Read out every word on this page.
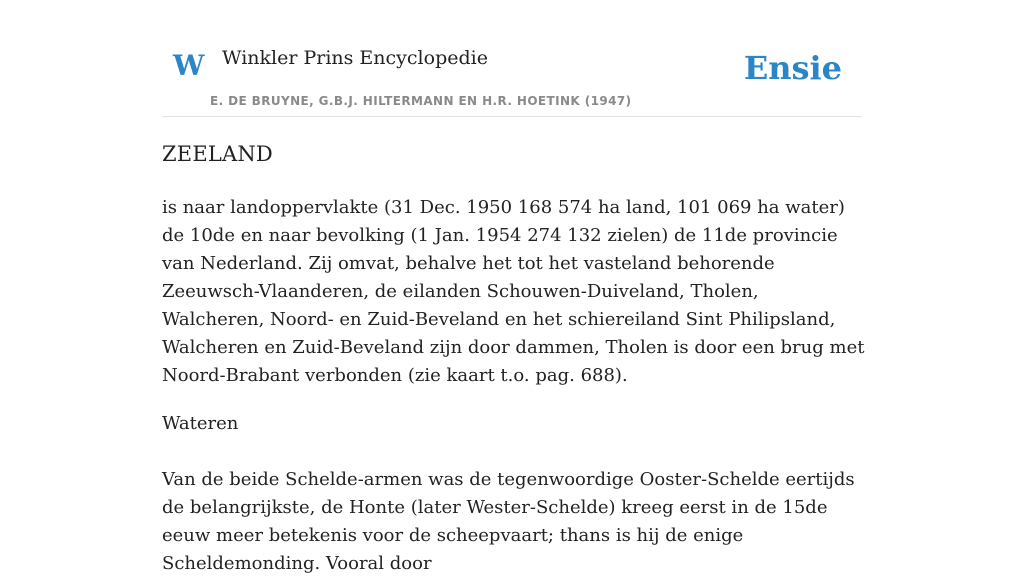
W Winkler Prins Encyclopedie
E. DE BRUYNE, G.B.J. HILTERMANN EN H.R. HOETINK (1947)
Ensie
ZEELAND

is naar landoppervlakte (31 Dec. 1950 168 574 ha land, 101 069 ha water) de 10de en naar bevolking (1 Jan. 1954 274 132 zielen) de 11de provincie van Nederland. Zij omvat, behalve het tot het vasteland behorende Zeeuwsch-Vlaanderen, de eilanden Schouwen-Duiveland, Tholen, Walcheren, Noord- en Zuid-Beveland en het schiereiland Sint Philipsland, Walcheren en Zuid-Beveland zijn door dammen, Tholen is door een brug met Noord-Brabant verbonden (zie kaart t.o. pag. 688).

Wateren

Van de beide Schelde-armen was de tegenwoordige Ooster-Schelde eertijds de belangrijkste, de Honte (later Wester-Schelde) kreeg eerst in de 15de eeuw meer betekenis voor de scheepvaart; thans is hij de enige Scheldemonding. Vooral door
